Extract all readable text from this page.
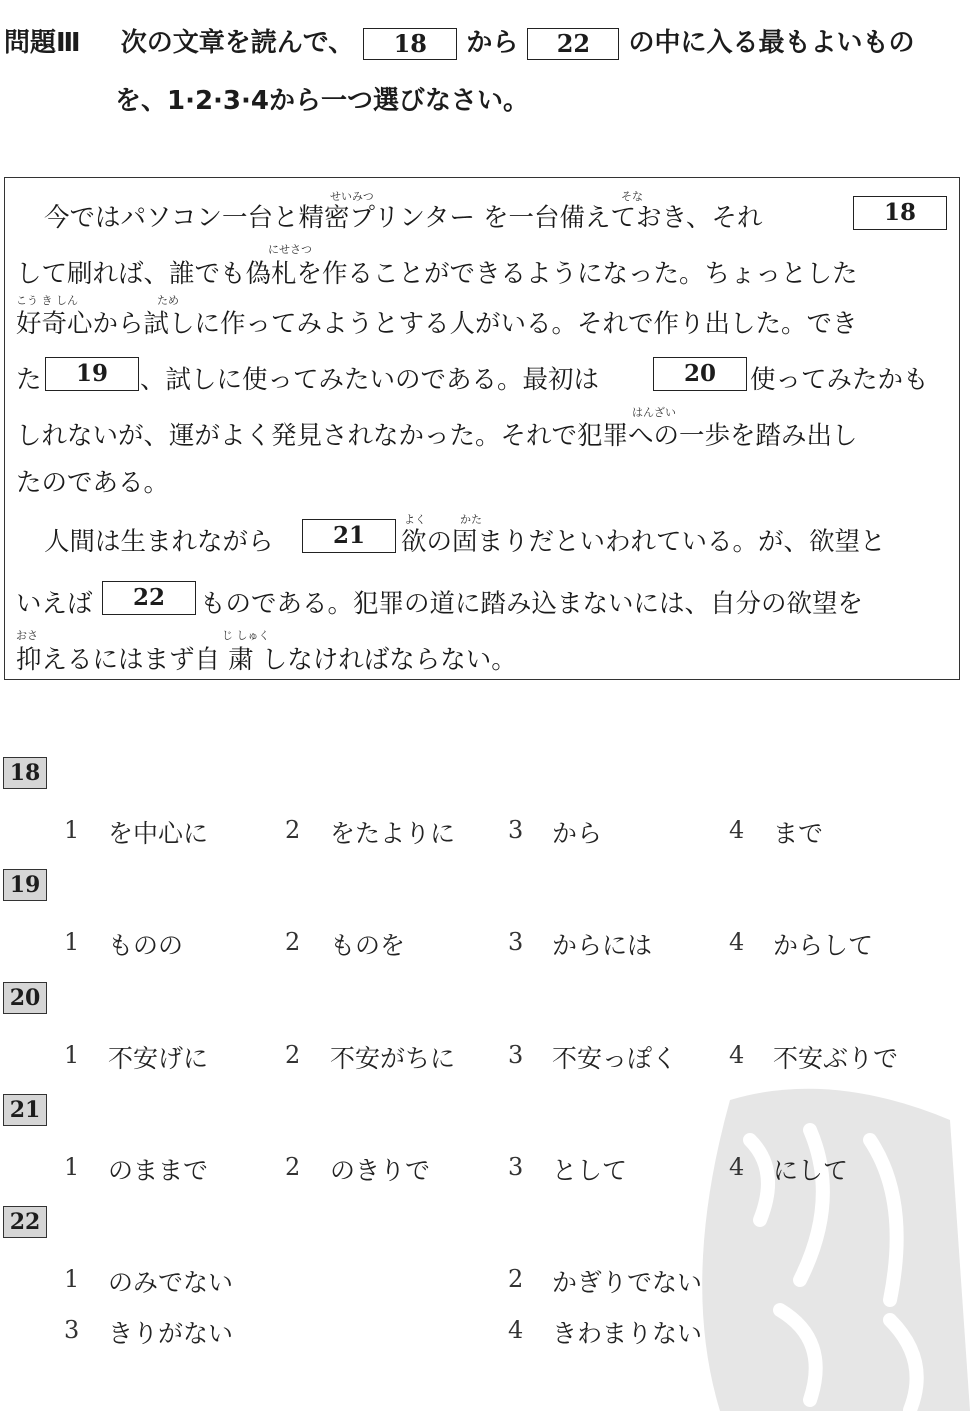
問題Ⅲ 次の文章を読んで、 18 から 22 の中に入る最もよいもの
を、1·2·3·4から一つ選びなさい。
せいみつ	そな
にせさつ
こう き しん	ため
はんざい
よく	かた
おさ	じ しゅく
今ではパソコン一台と精密プリンター を一台備えておき、それ	18
して刷れば、誰でも偽札を作ることができるようになった。ちょっとした
好奇心から試しに作ってみようとする人がいる。それで作り出した。でき
た	19	、試しに使ってみたいのである。最初は	20	使ってみたかも
しれないが、運がよく発見されなかった。それで犯罪への一歩を踏み出し
たのである。
人間は生まれながら	21	欲の固まりだといわれている。が、欲望と
いえば	22	ものである。犯罪の道に踏み込まないには、自分の欲望を
抑えるにはまず自 粛 しなければならない。
18
1 を中心に	2 をたよりに 3 から	4 まで
19
1 ものの	2 ものを	3 からには	4 からして
20
1 不安げに	2 不安がちに 3 不安っぽく 4 不安ぶりで
21
1 のままで	2 のきりで	3 として	4 にして
22
1 のみでない	2 かぎりでない
3 きりがない	4 きわまりない
